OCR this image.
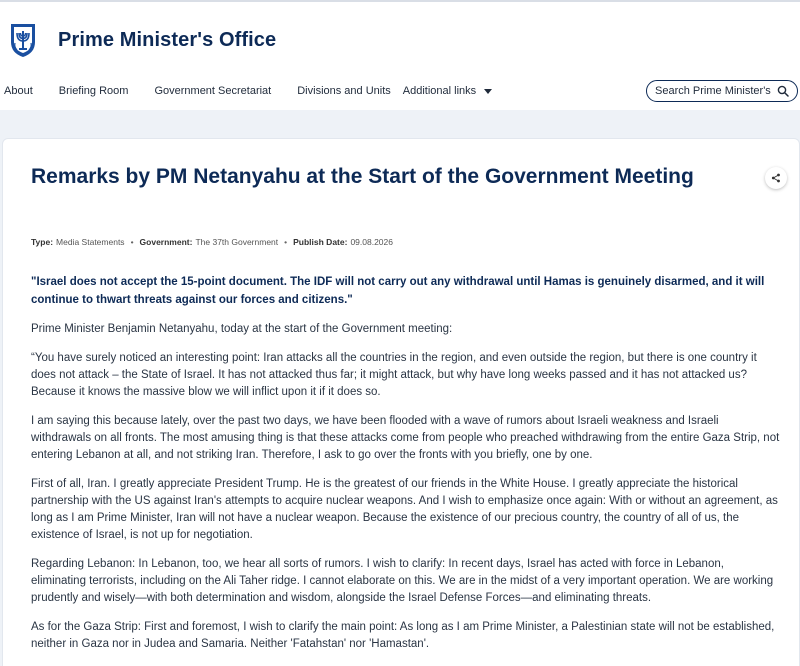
Prime Minister's Office
About Briefing Room Government Secretariat Divisions and Units Additional links
Search Prime Minister's Office
Remarks by PM Netanyahu at the Start of the Government Meeting
Type: Media Statements • Government: The 37th Government • Publish Date: 09.08.2026

"Israel does not accept the 15-point document. The IDF will not carry out any withdrawal until Hamas is genuinely disarmed, and it will continue to thwart threats against our forces and citizens."

Prime Minister Benjamin Netanyahu, today at the start of the Government meeting:

“You have surely noticed an interesting point: Iran attacks all the countries in the region, and even outside the region, but there is one country it does not attack – the State of Israel. It has not attacked thus far; it might attack, but why have long weeks passed and it has not attacked us? Because it knows the massive blow we will inflict upon it if it does so.

I am saying this because lately, over the past two days, we have been flooded with a wave of rumors about Israeli weakness and Israeli withdrawals on all fronts. The most amusing thing is that these attacks come from people who preached withdrawing from the entire Gaza Strip, not entering Lebanon at all, and not striking Iran. Therefore, I ask to go over the fronts with you briefly, one by one.

First of all, Iran. I greatly appreciate President Trump. He is the greatest of our friends in the White House. I greatly appreciate the historical partnership with the US against Iran's attempts to acquire nuclear weapons. And I wish to emphasize once again: With or without an agreement, as long as I am Prime Minister, Iran will not have a nuclear weapon. Because the existence of our precious country, the country of all of us, the existence of Israel, is not up for negotiation.

Regarding Lebanon: In Lebanon, too, we hear all sorts of rumors. I wish to clarify: In recent days, Israel has acted with force in Lebanon, eliminating terrorists, including on the Ali Taher ridge. I cannot elaborate on this. We are in the midst of a very important operation. We are working prudently and wisely—with both determination and wisdom, alongside the Israel Defense Forces—and eliminating threats.

As for the Gaza Strip: First and foremost, I wish to clarify the main point: As long as I am Prime Minister, a Palestinian state will not be established, neither in Gaza nor in Judea and Samaria. Neither 'Fatahstan' nor 'Hamastan'.
